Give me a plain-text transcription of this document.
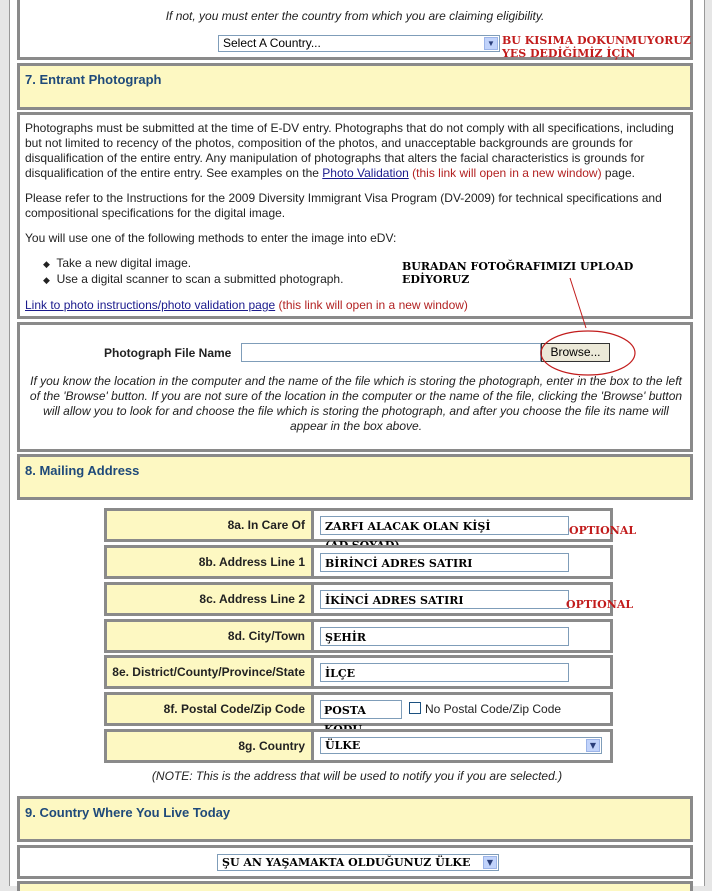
If not, you must enter the country from which you are claiming eligibility.
Select A Country...	▼ BU KISIMA DOKUNMUYORUZ
YES DEDİĞİMİZ İÇİN
7. Entrant Photograph

Photographs must be submitted at the time of E-DV entry. Photographs that do not comply with all specifications, including but not limited to recency of the photos, composition of the photos, and unacceptable backgrounds are grounds for disqualification of the entire entry. Any manipulation of photographs that alters the facial characteristics is grounds for disqualification of the entire entry. See examples on the Photo Validation (this link will open in a new window) page.

Please refer to the Instructions for the 2009 Diversity Immigrant Visa Program (DV-2009) for technical specifications and compositional specifications for the digital image.

You will use one of the following methods to enter the image into eDV:

◆ Take a new digital image.
◆ Use a digital scanner to scan a submitted photograph.

Link to photo instructions/photo validation page (this link will open in a new window)

BURADAN FOTOĞRAFIMIZI UPLOAD EDİYORUZ
Photograph File Name	Browse...
If you know the location in the computer and the name of the file which is storing the photograph, enter in the box to the left of the 'Browse' button. If you are not sure of the location in the computer or the name of the file, clicking the 'Browse' button will allow you to look for and choose the file which is storing the photograph, and after you choose the file its name will appear in the box above.
8. Mailing Address
8a. In Care Of	ZARFI ALACAK OLAN KİŞİ	OPTIONAL
8b. Address Line 1	BİRİNCİ ADRES SATIRI
8c. Address Line 2	İKİNCİ ADRES SATIRI	OPTIONAL
8d. City/Town	ŞEHİR
8e. District/County/Province/State	İLÇE
8f. Postal Code/Zip Code	POSTA	No Postal Code/Zip Code
8g. Country	ÜLKE	▼
(NOTE: This is the address that will be used to notify you if you are selected.)
9. Country Where You Live Today
ŞU AN YAŞAMAKTA OLDUĞUNUZ ÜLKE	▼
